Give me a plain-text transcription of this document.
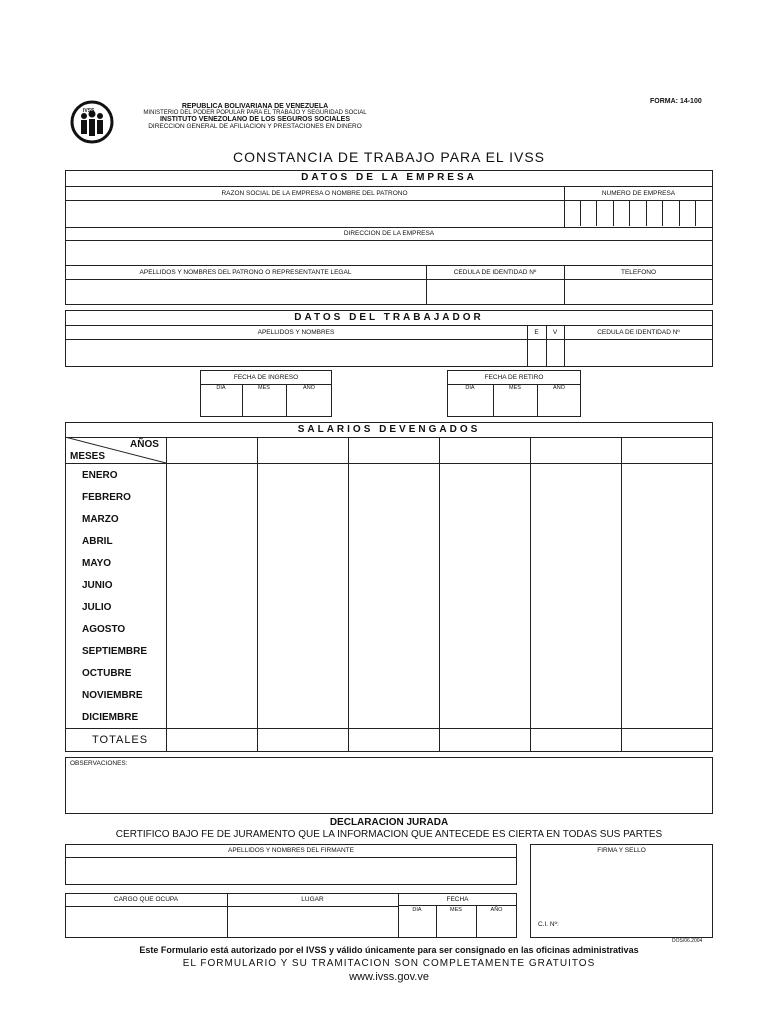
IVSS
REPUBLICA BOLIVARIANA DE VENEZUELA
MINISTERIO DEL PODER POPULAR PARA EL TRABAJO Y SEGURIDAD SOCIAL
INSTITUTO VENEZOLANO DE LOS SEGUROS SOCIALES
DIRECCION GENERAL DE AFILIACION Y PRESTACIONES EN DINERO
FORMA: 14-100
CONSTANCIA DE TRABAJO PARA EL IVSS
DATOS DE LA EMPRESA
RAZON SOCIAL DE LA EMPRESA O NOMBRE DEL PATRONO	NUMERO DE EMPRESA
DIRECCION DE LA EMPRESA
APELLIDOS Y NOMBRES DEL PATRONO O REPRESENTANTE LEGAL	CEDULA DE IDENTIDAD Nº	TELEFONO
DATOS DEL TRABAJADOR
APELLIDOS Y NOMBRES	E	V	CEDULA DE IDENTIDAD Nº
FECHA DE INGRESO
DIA	MES	AÑO
FECHA DE RETIRO
DIA	MES	AÑO
SALARIOS DEVENGADOS
AÑOS
MESES
ENERO
FEBRERO
MARZO
ABRIL
MAYO
JUNIO
JULIO
AGOSTO
SEPTIEMBRE
OCTUBRE
NOVIEMBRE
DICIEMBRE
TOTALES
OBSERVACIONES:
DECLARACION JURADA
CERTIFICO BAJO FE DE JURAMENTO QUE LA INFORMACION QUE ANTECEDE ES CIERTA EN TODAS SUS PARTES
APELLIDOS Y NOMBRES DEL FIRMANTE	FIRMA Y SELLO
C.I. Nº:
CARGO QUE OCUPA	LUGAR	FECHA
DIA	MES	AÑO
DOS/06.2004
Este Formulario está autorizado por el IVSS y válido únicamente para ser consignado en las oficinas administrativas
EL FORMULARIO Y SU TRAMITACION SON COMPLETAMENTE GRATUITOS
www.ivss.gov.ve
